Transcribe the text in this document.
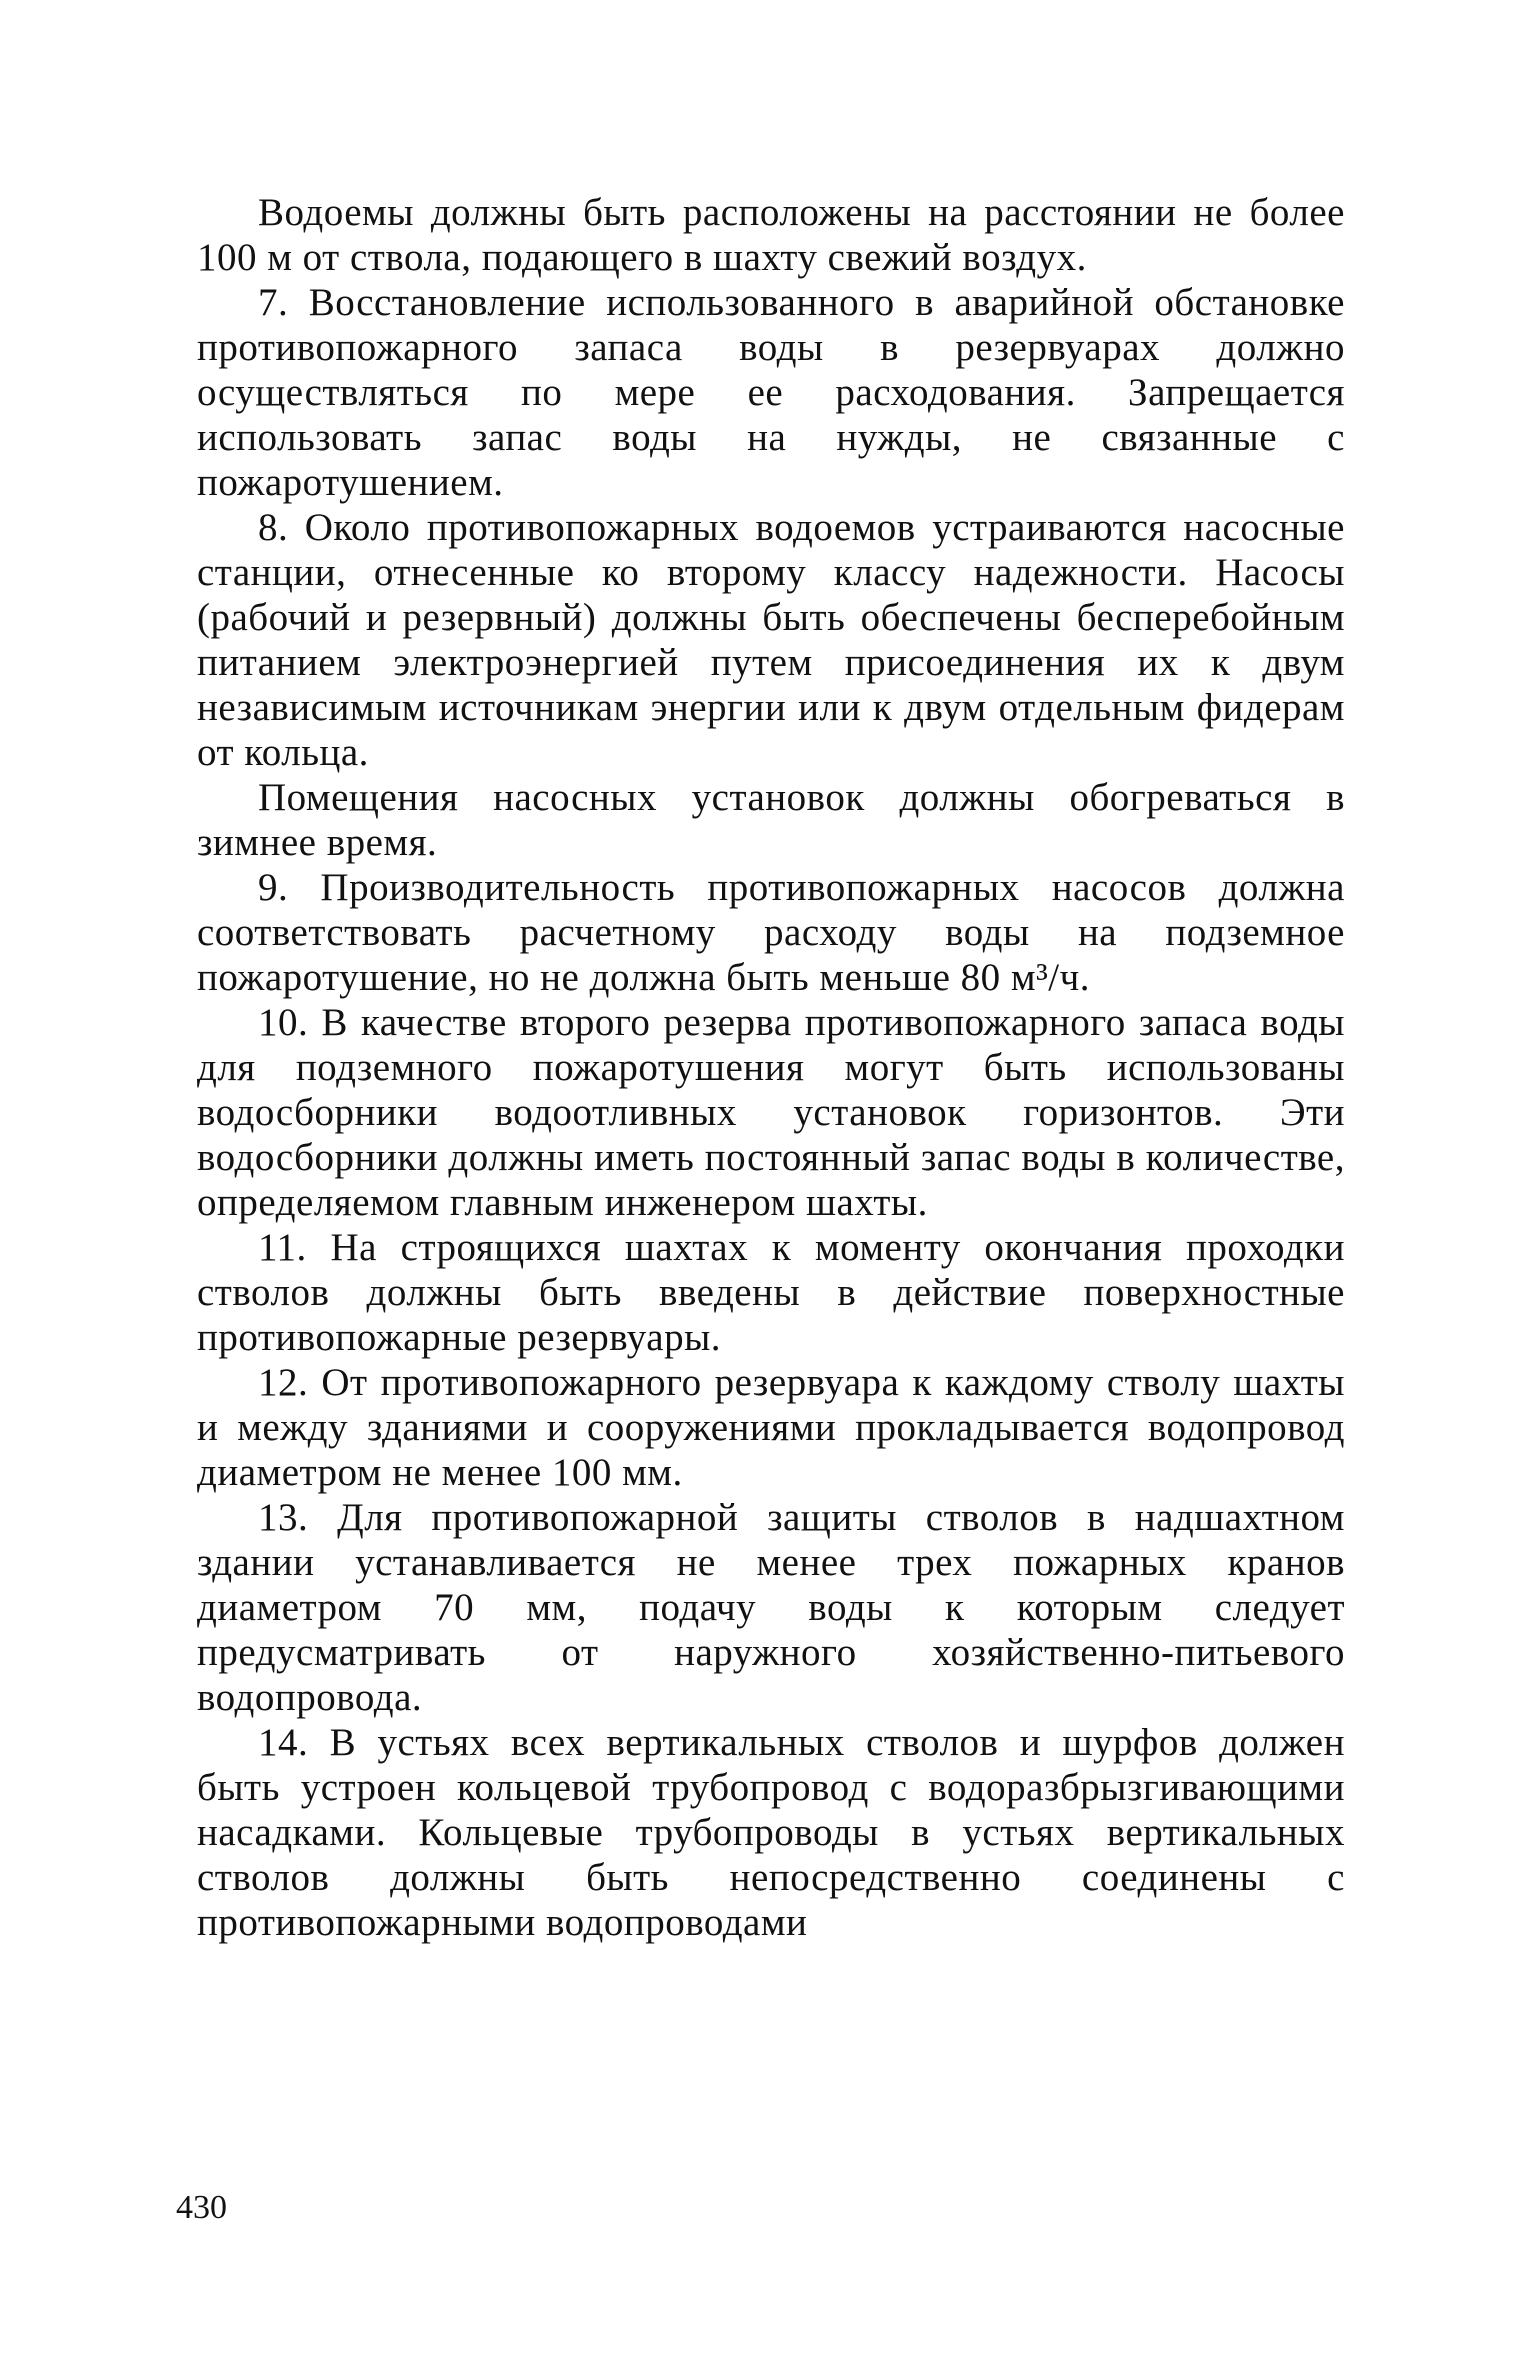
Водоемы должны быть расположены на расстоянии не более 100 м от ствола, подающего в шахту свежий воздух.

7. Восстановление использованного в аварийной обстановке противопожарного запаса воды в резервуарах должно осуществляться по мере ее расходования. Запрещается использовать запас воды на нужды, не связанные с пожаротушением.

8. Около противопожарных водоемов устраиваются насосные станции, отнесенные ко второму классу надежности. Насосы (рабочий и резервный) должны быть обеспечены бесперебойным питанием электроэнергией путем присоединения их к двум независимым источникам энергии или к двум отдельным фидерам от кольца.

Помещения насосных установок должны обогреваться в зимнее время.

9. Производительность противопожарных насосов должна соответствовать расчетному расходу воды на подземное пожаротушение, но не должна быть меньше 80 м³/ч.

10. В качестве второго резерва противопожарного запаса воды для подземного пожаротушения могут быть использованы водосборники водоотливных установок горизонтов. Эти водосборники должны иметь постоянный запас воды в количестве, определяемом главным инженером шахты.

11. На строящихся шахтах к моменту окончания проходки стволов должны быть введены в действие поверхностные противопожарные резервуары.

12. От противопожарного резервуара к каждому стволу шахты и между зданиями и сооружениями прокладывается водопровод диаметром не менее 100 мм.

13. Для противопожарной защиты стволов в надшахтном здании устанавливается не менее трех пожарных кранов диаметром 70 мм, подачу воды к которым следует предусматривать от наружного хозяйственно-питьевого водопровода.

14. В устьях всех вертикальных стволов и шурфов должен быть устроен кольцевой трубопровод с водоразбрызгивающими насадками. Кольцевые трубопроводы в устьях вертикальных стволов должны быть непосредственно соединены с противопожарными водопроводами

430
